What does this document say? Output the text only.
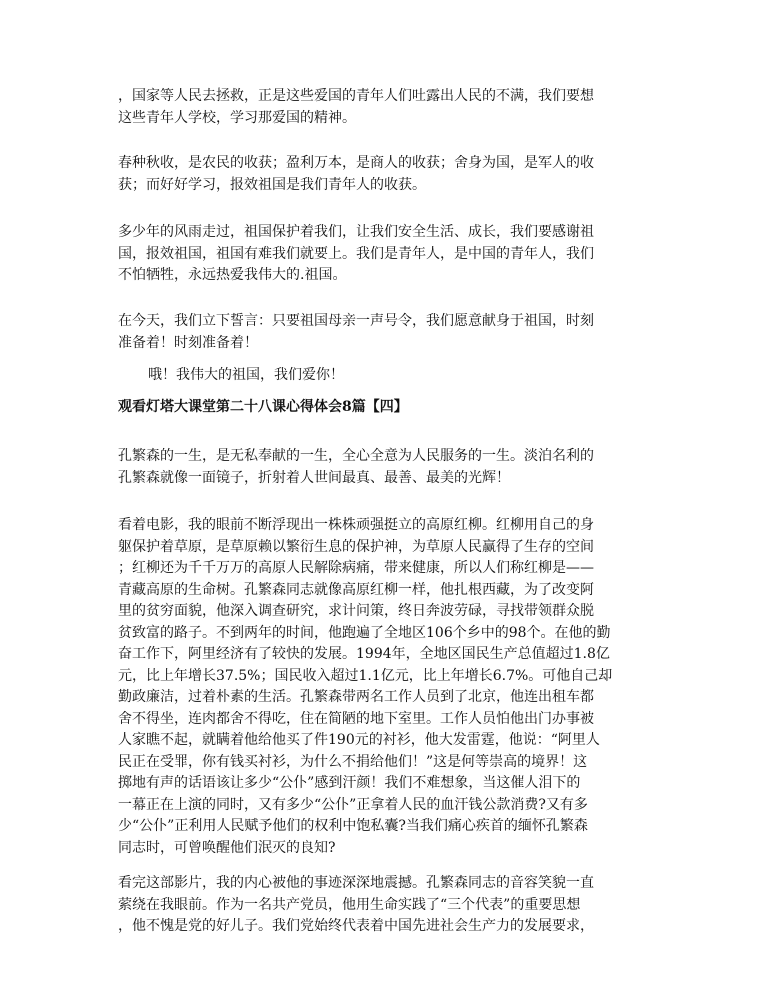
，国家等人民去拯救，正是这些爱国的青年人们吐露出人民的不满，我们要想
这些青年人学校，学习那爱国的精神。
春种秋收，是农民的收获；盈利万本，是商人的收获；舍身为国，是军人的收
获；而好好学习，报效祖国是我们青年人的收获。
多少年的风雨走过，祖国保护着我们，让我们安全生活、成长，我们要感谢祖
国，报效祖国，祖国有难我们就要上。我们是青年人，是中国的青年人，我们
不怕牺牲，永远热爱我伟大的.祖国。
在今天，我们立下誓言：只要祖国母亲一声号令，我们愿意献身于祖国，时刻
准备着！时刻准备着！
哦！我伟大的祖国，我们爱你！
观看灯塔大课堂第二十八课心得体会8篇【四】
孔繁森的一生，是无私奉献的一生，全心全意为人民服务的一生。淡泊名利的
孔繁森就像一面镜子，折射着人世间最真、最善、最美的光辉！
看着电影，我的眼前不断浮现出一株株顽强挺立的高原红柳。红柳用自己的身
躯保护着草原，是草原赖以繁衍生息的保护神，为草原人民赢得了生存的空间
；红柳还为千千万万的高原人民解除病痛，带来健康，所以人们称红柳是——
青藏高原的生命树。孔繁森同志就像高原红柳一样，他扎根西藏，为了改变阿
里的贫穷面貌，他深入调查研究，求计问策，终日奔波劳碌，寻找带领群众脱
贫致富的路子。不到两年的时间，他跑遍了全地区106个乡中的98个。在他的勤
奋工作下，阿里经济有了较快的发展。1994年，全地区国民生产总值超过1.8亿
元，比上年增长37.5%；国民收入超过1.1亿元，比上年增长6.7%。可他自己却
勤政廉洁，过着朴素的生活。孔繁森带两名工作人员到了北京，他连出租车都
舍不得坐，连肉都舍不得吃，住在简陋的地下室里。工作人员怕他出门办事被
人家瞧不起，就瞒着他给他买了件190元的衬衫，他大发雷霆，他说：“阿里人
民正在受罪，你有钱买衬衫，为什么不捐给他们！”这是何等崇高的境界！这
掷地有声的话语该让多少“公仆”感到汗颜！我们不难想象，当这催人泪下的
一幕正在上演的同时，又有多少“公仆”正拿着人民的血汗钱公款消费?又有多
少“公仆”正利用人民赋予他们的权利中饱私囊?当我们痛心疾首的缅怀孔繁森
同志时，可曾唤醒他们泯灭的良知?
看完这部影片，我的内心被他的事迹深深地震撼。孔繁森同志的音容笑貌一直
萦绕在我眼前。作为一名共产党员，他用生命实践了“三个代表”的重要思想
，他不愧是党的好儿子。我们党始终代表着中国先进社会生产力的发展要求，
